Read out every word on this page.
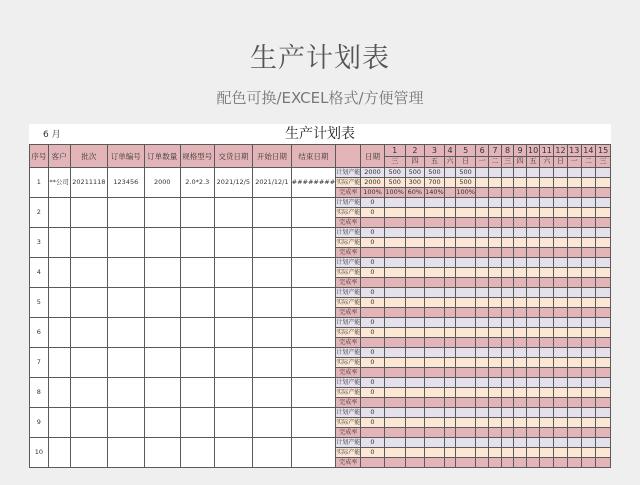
生产计划表
配色可换/EXCEL格式/方便管理
生产计划表
6 月
序号	客户	批次	订单编号	订单数量	规格型号	交货日期	开始日期	结束日期		日期	1	2	3	4	5	6	7	8	9	10	11	12	13	14	15
											三	四	五	六	日	一	二	三	四	五	六	日	一	二	三
1	**公司	20211118	123456	2000	2.0*2.3	2021/12/5	2021/12/1	########	计划产能	2000	500	500	500		500										
									实际产能	2000	500	300	700		500										
									完成率	100%	100%	60%	140%		100%										
2									计划产能	0															
									实际产能	0															
									完成率																
3									计划产能	0															
									实际产能	0															
									完成率																
4									计划产能	0															
									实际产能	0															
									完成率																
5									计划产能	0															
									实际产能	0															
									完成率																
6									计划产能	0															
									实际产能	0															
									完成率																
7									计划产能	0															
									实际产能	0															
									完成率																
8									计划产能	0															
									实际产能	0															
									完成率																
9									计划产能	0															
									实际产能	0															
									完成率																
10									计划产能	0															
									实际产能	0															
									完成率																
